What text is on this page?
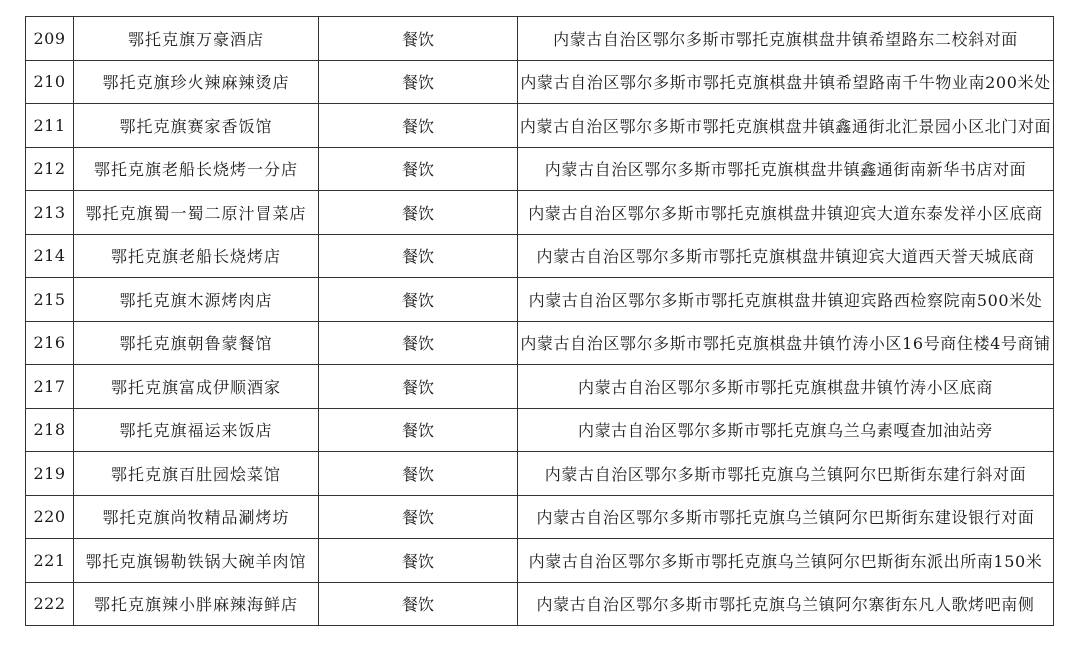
209	鄂托克旗万豪酒店	餐饮	内蒙古自治区鄂尔多斯市鄂托克旗棋盘井镇希望路东二校斜对面
210	鄂托克旗珍火辣麻辣烫店	餐饮	内蒙古自治区鄂尔多斯市鄂托克旗棋盘井镇希望路南千牛物业南200米处
211	鄂托克旗赛家香饭馆	餐饮	内蒙古自治区鄂尔多斯市鄂托克旗棋盘井镇鑫通街北汇景园小区北门对面
212	鄂托克旗老船长烧烤一分店	餐饮	内蒙古自治区鄂尔多斯市鄂托克旗棋盘井镇鑫通街南新华书店对面
213	鄂托克旗蜀一蜀二原汁冒菜店	餐饮	内蒙古自治区鄂尔多斯市鄂托克旗棋盘井镇迎宾大道东泰发祥小区底商
214	鄂托克旗老船长烧烤店	餐饮	内蒙古自治区鄂尔多斯市鄂托克旗棋盘井镇迎宾大道西天誉天城底商
215	鄂托克旗木源烤肉店	餐饮	内蒙古自治区鄂尔多斯市鄂托克旗棋盘井镇迎宾路西检察院南500米处
216	鄂托克旗朝鲁蒙餐馆	餐饮	内蒙古自治区鄂尔多斯市鄂托克旗棋盘井镇竹涛小区16号商住楼4号商铺
217	鄂托克旗富成伊顺酒家	餐饮	内蒙古自治区鄂尔多斯市鄂托克旗棋盘井镇竹涛小区底商
218	鄂托克旗福运来饭店	餐饮	内蒙古自治区鄂尔多斯市鄂托克旗乌兰乌素嘎查加油站旁
219	鄂托克旗百肚园烩菜馆	餐饮	内蒙古自治区鄂尔多斯市鄂托克旗乌兰镇阿尔巴斯街东建行斜对面
220	鄂托克旗尚牧精品涮烤坊	餐饮	内蒙古自治区鄂尔多斯市鄂托克旗乌兰镇阿尔巴斯街东建设银行对面
221	鄂托克旗锡勒铁锅大碗羊肉馆	餐饮	内蒙古自治区鄂尔多斯市鄂托克旗乌兰镇阿尔巴斯街东派出所南150米
222	鄂托克旗辣小胖麻辣海鲜店	餐饮	内蒙古自治区鄂尔多斯市鄂托克旗乌兰镇阿尔寨街东凡人歌烤吧南侧
